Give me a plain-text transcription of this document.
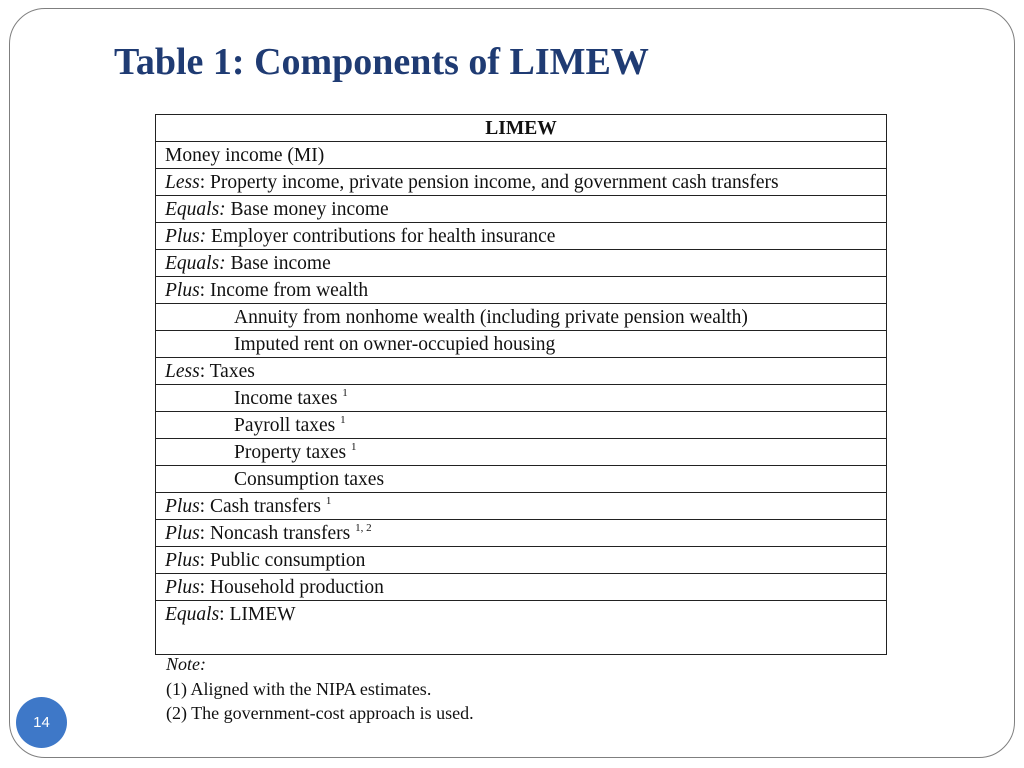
Table 1: Components of LIMEW
LIMEW
Money income (MI)
Less: Property income, private pension income, and government cash transfers
Equals: Base money income
Plus: Employer contributions for health insurance
Equals: Base income
Plus: Income from wealth
Annuity from nonhome wealth (including private pension wealth)
Imputed rent on owner-occupied housing
Less: Taxes
Income taxes $^1$
Payroll taxes $^1$
Property taxes $^1$
Consumption taxes
Plus: Cash transfers $^1$
Plus: Noncash transfers $^{1, 2}$
Plus: Public consumption
Plus: Household production
Equals: LIMEW
Note:
(1) Aligned with the NIPA estimates.
(2) The government-cost approach is used.
14
